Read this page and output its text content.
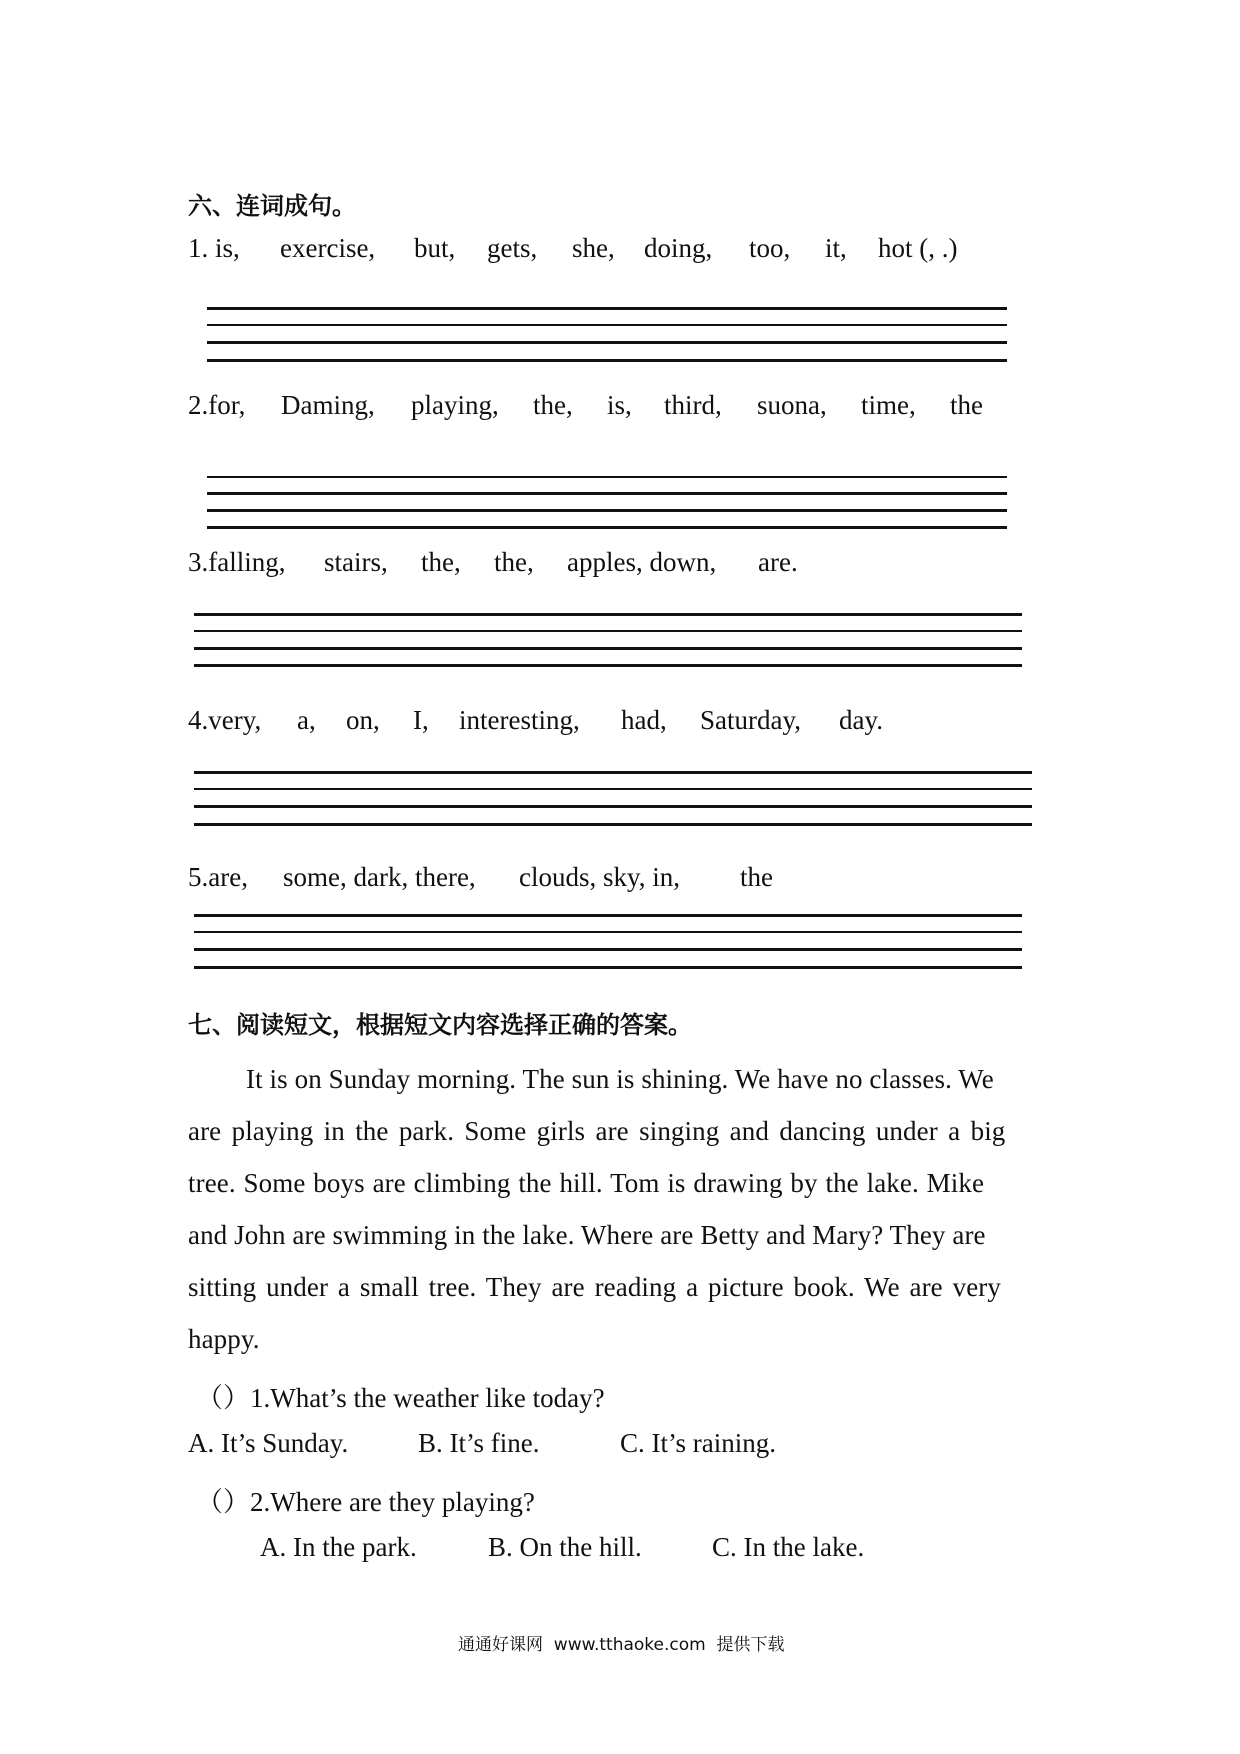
六、连词成句。
1. is, exercise, but, gets, she, doing, too, it, hot (, .)
2.for, Daming, playing, the, is, third, suona, time, the
3.falling, stairs, the, the, apples, down, are.
4.very, a, on, I, interesting, had, Saturday, day.
5.are, some, dark, there, clouds, sky, in, the
七、阅读短文，根据短文内容选择正确的答案。
It is on Sunday morning. The sun is shining. We have no classes. We
are playing in the park. Some girls are singing and dancing under a big
tree. Some boys are climbing the hill. Tom is drawing by the lake. Mike
and John are swimming in the lake. Where are Betty and Mary? They are
sitting under a small tree. They are reading a picture book. We are very
happy.
（）1.What’s the weather like today?
A. It’s Sunday.	B. It’s fine.	C. It’s raining.
（）2.Where are they playing?
A. In the park.	B. On the hill.	C. In the lake.
通通好课网  www.tthaoke.com  提供下载
